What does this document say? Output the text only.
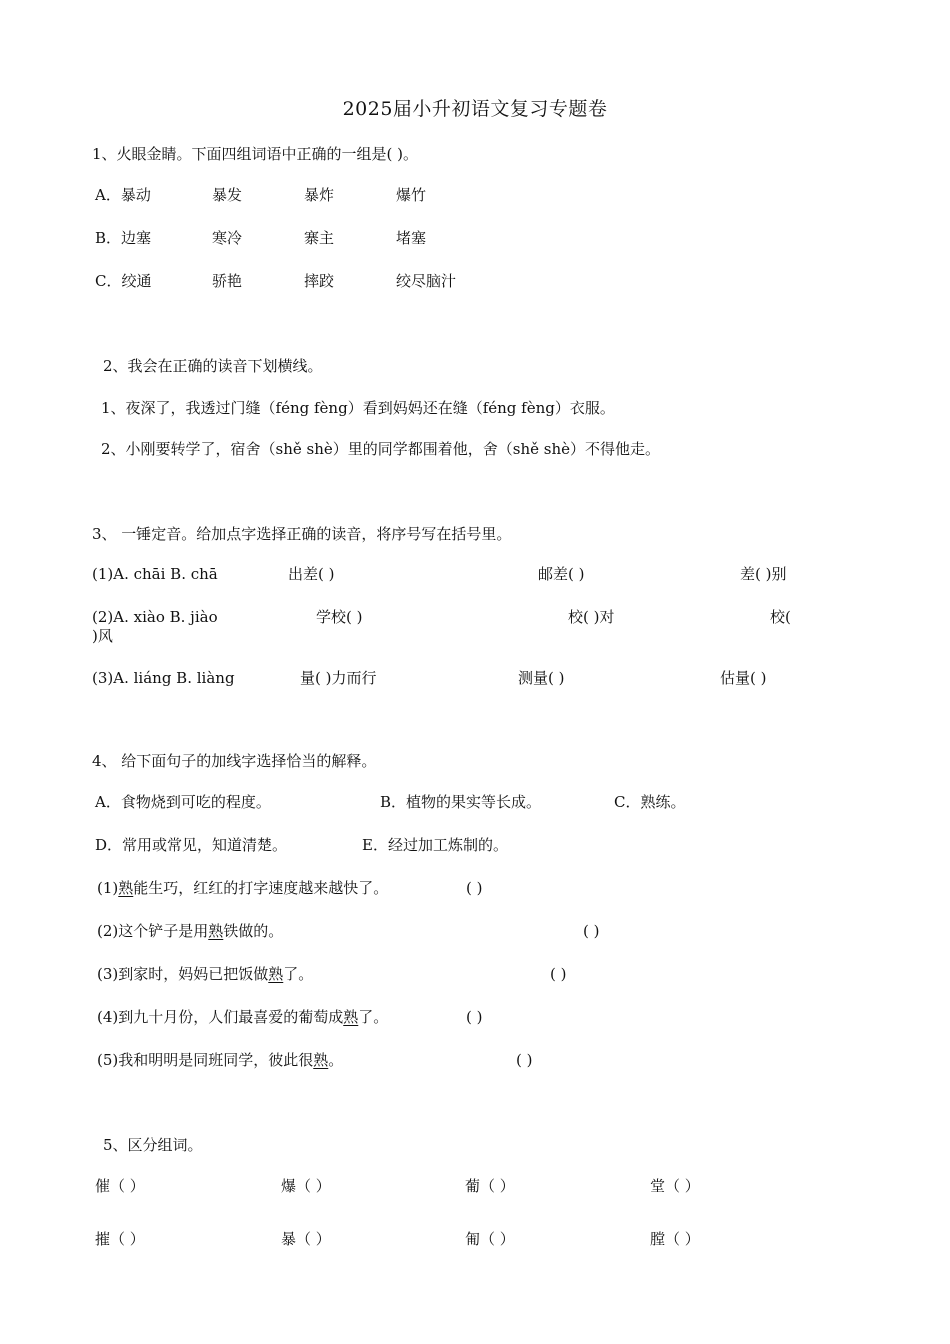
2025届小升初语文复习专题卷
1、火眼金睛。下面四组词语中正确的一组是( )。
A．暴动	暴发	暴炸	爆竹
B．边塞	寒冷	寨主	堵塞
C．绞通	骄艳	摔跤	绞尽脑汁
2、我会在正确的读音下划横线。
1、夜深了，我透过门缝（féng fèng）看到妈妈还在缝（féng fèng）衣服。
2、小刚要转学了，宿舍（shě shè）里的同学都围着他，舍（shě shè）不得他走。
3、 一锤定音。给加点字选择正确的读音，将序号写在括号里。
(1)A. chāi B. chā	出差( )	邮差( )	差( )别
(2)A. xiào B. jiào	学校( )	校( )对	校(
)风
(3)A. liáng B. liàng	量( )力而行	测量( )	估量( )
4、 给下面句子的加线字选择恰当的解释。
A．食物烧到可吃的程度。	B．植物的果实等长成。	C．熟练。
D．常用或常见，知道清楚。	E．经过加工炼制的。
(1)熟能生巧，红红的打字速度越来越快了。	( )
(2)这个铲子是用熟铁做的。	( )
(3)到家时，妈妈已把饭做熟了。	( )
(4)到九十月份，人们最喜爱的葡萄成熟了。	( )
(5)我和明明是同班同学，彼此很熟。	( )
5、区分组词。
催（ ）	爆（ ）	葡（ ）	堂（ ）
摧（ ）	暴（ ）	匍（ ）	膛（ ）
